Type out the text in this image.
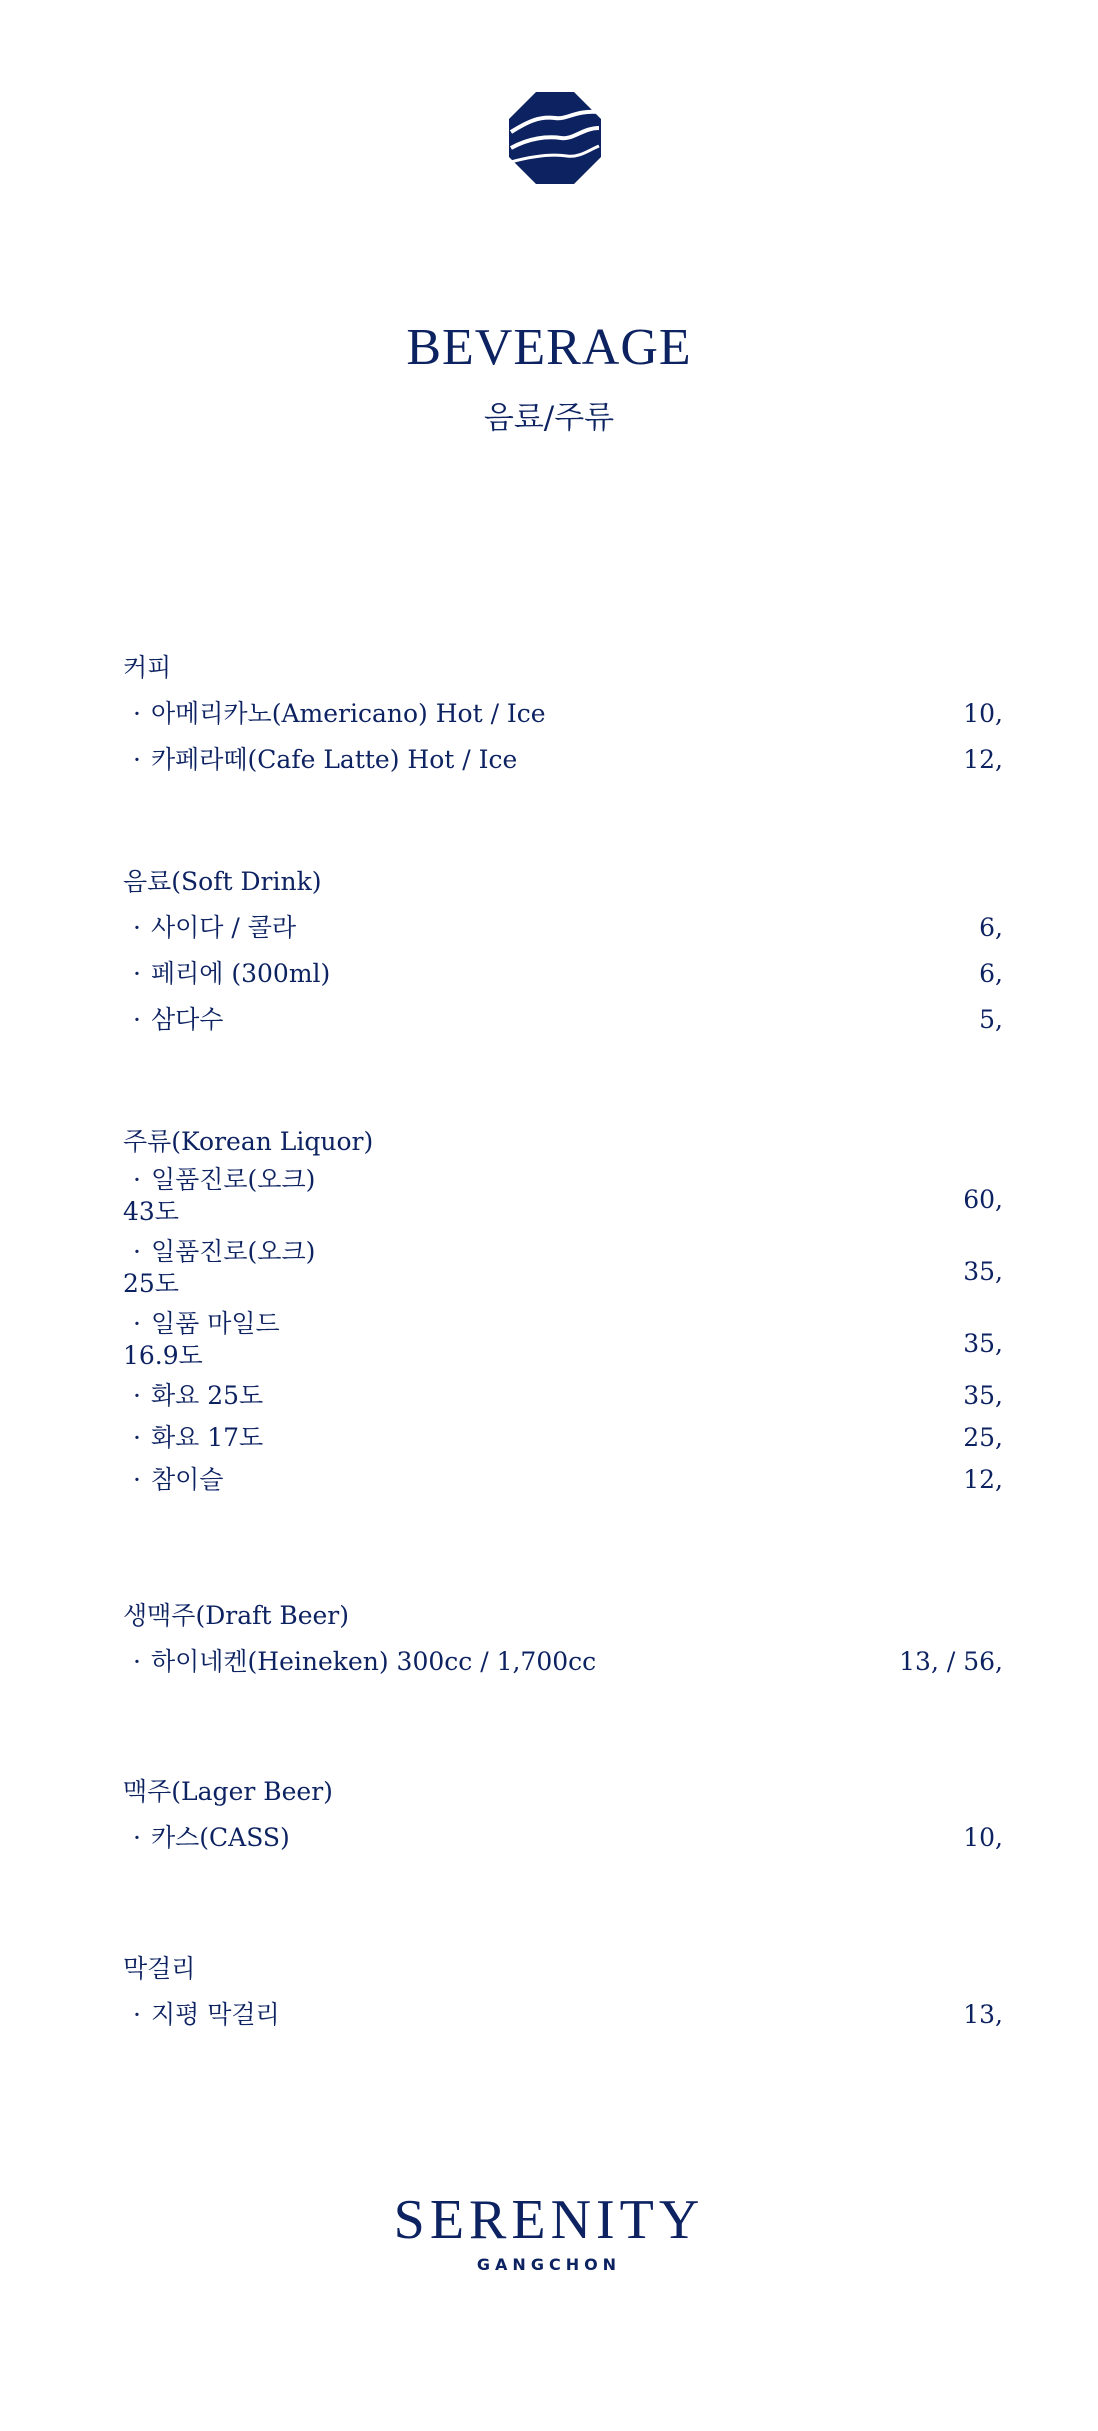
BEVERAGE
음료/주류
커피
· 아메리카노(Americano) Hot / Ice	10,
· 카페라떼(Cafe Latte) Hot / Ice	12,
음료(Soft Drink)
· 사이다 / 콜라	6,
· 페리에 (300ml)	6,
· 삼다수	5,
주류(Korean Liquor)
· 일품진로(오크)
43도	60,
· 일품진로(오크)
25도	35,
· 일품 마일드
16.9도	35,
· 화요 25도	35,
· 화요 17도	25,
· 참이슬	12,
생맥주(Draft Beer)
· 하이네켄(Heineken) 300cc / 1,700cc	13, / 56,
맥주(Lager Beer)
· 카스(CASS)	10,
막걸리
· 지평 막걸리	13,
SERENITY
GANGCHON
